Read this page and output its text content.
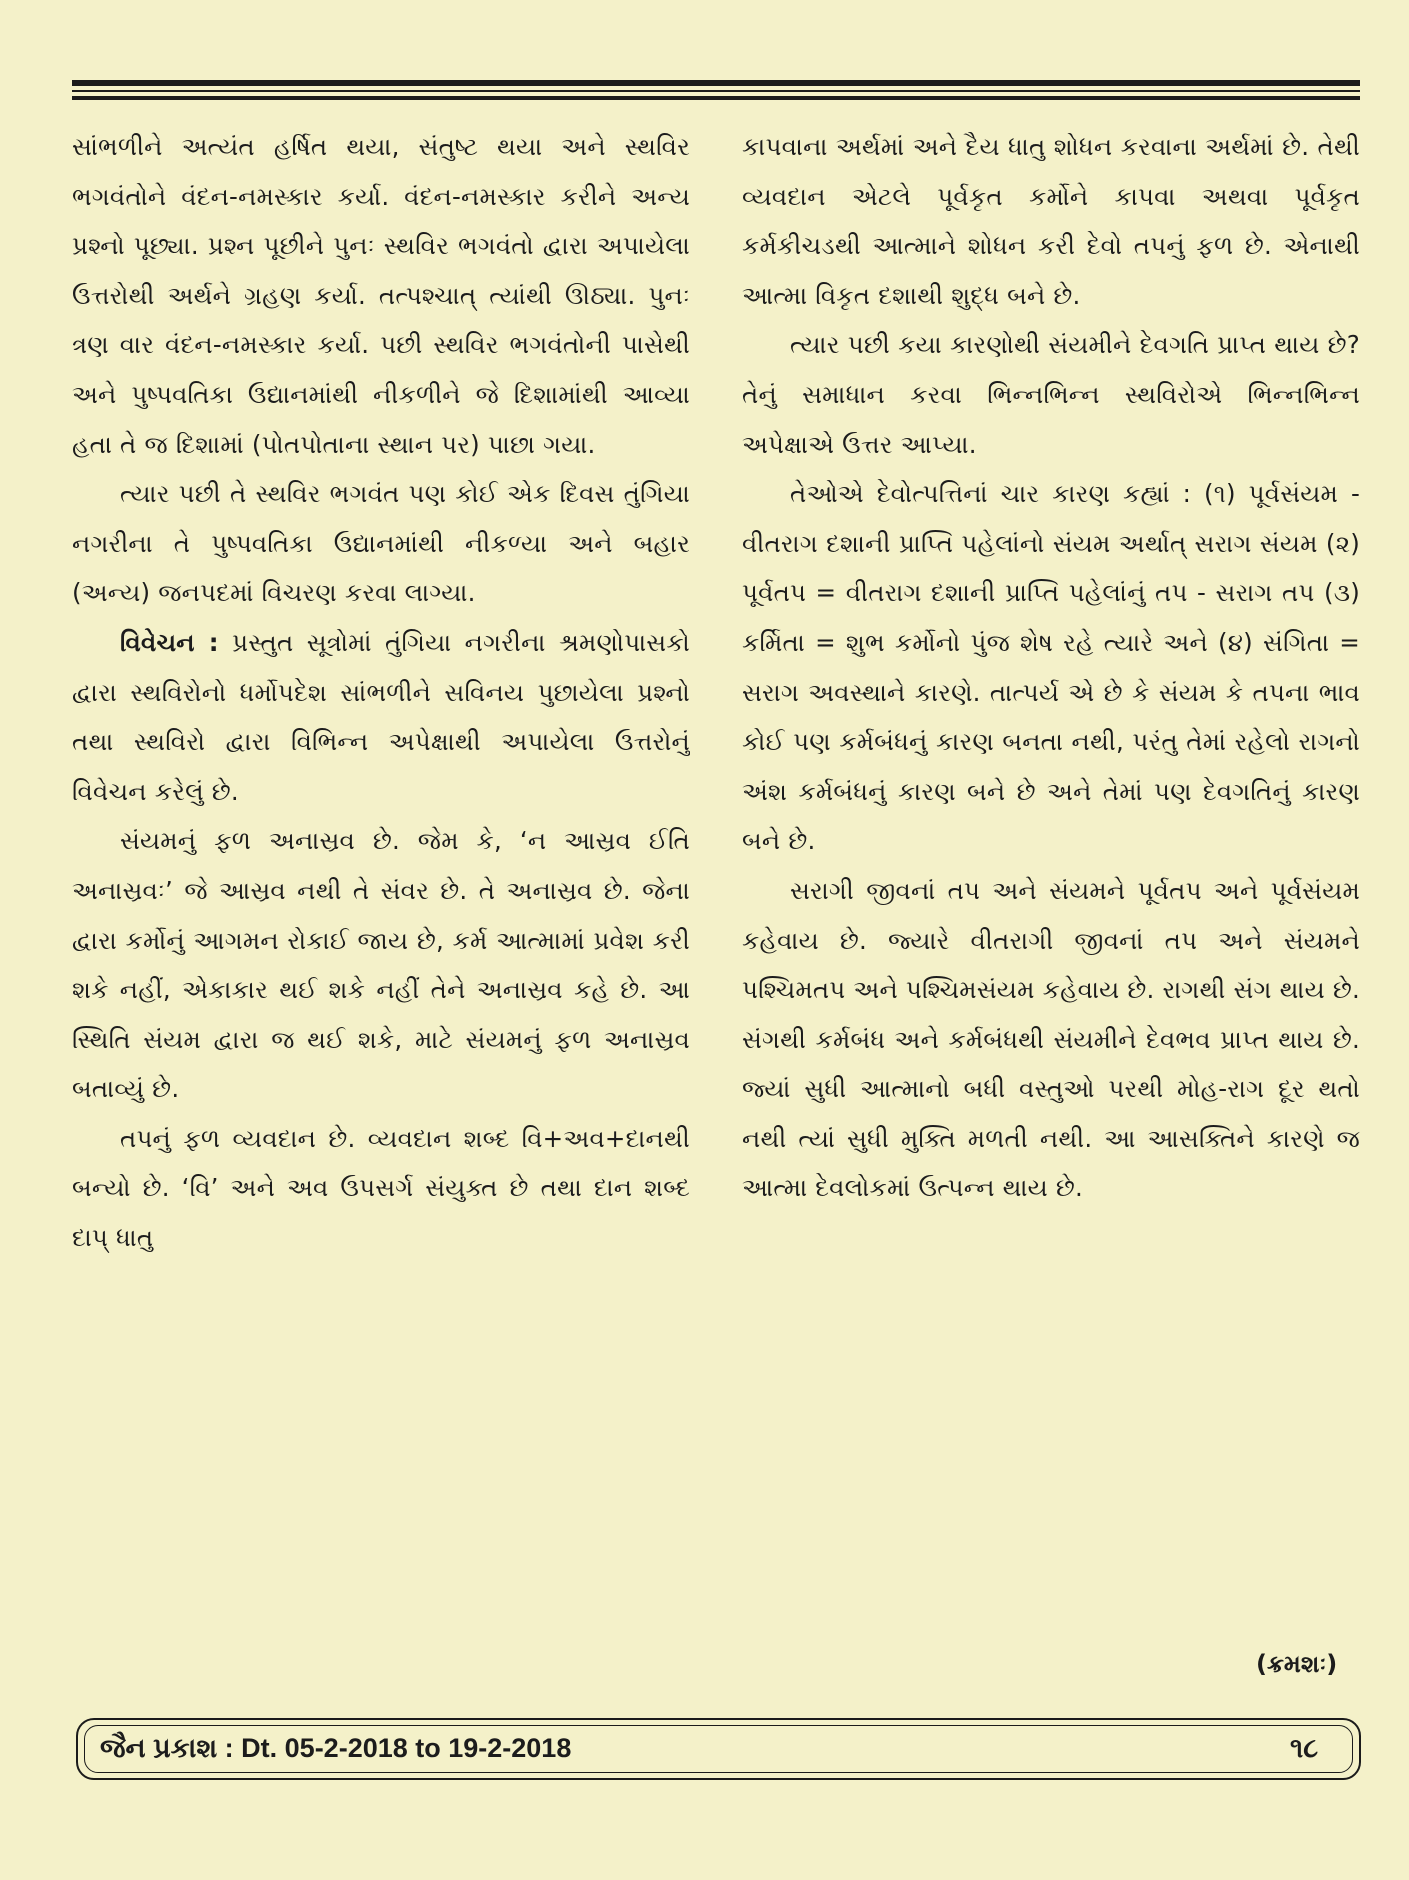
સાંભળીને અત્યંત હર્ષિત થયા, સંતુષ્ટ થયા અને સ્થવિર ભગવંતોને વંદન-નમસ્કાર કર્યા. વંદન-નમસ્કાર કરીને અન્ય પ્રશ્નો પૂછ્યા. પ્રશ્ન પૂછીને પુનઃ સ્થવિર ભગવંતો દ્વારા અપાયેલા ઉત્તરોથી અર્થને ગ્રહણ કર્યા. તત્પશ્ચાત્ ત્યાંથી ઊઠ્યા. પુનઃ ત્રણ વાર વંદન-નમસ્કાર કર્યા. પછી સ્થવિર ભગવંતોની પાસેથી અને પુષ્પવતિકા ઉદ્યાનમાંથી નીકળીને જે દિશામાંથી આવ્યા હતા તે જ દિશામાં (પોતપોતાના સ્થાન પર) પાછા ગયા.

ત્યાર પછી તે સ્થવિર ભગવંત પણ કોઈ એક દિવસ તુંગિયા નગરીના તે પુષ્પવતિકા ઉદ્યાનમાંથી નીકળ્યા અને બહાર (અન્ય) જનપદમાં વિચરણ કરવા લાગ્યા.

વિવેચન : પ્રસ્તુત સૂત્રોમાં તુંગિયા નગરીના શ્રમણોપાસકો દ્વારા સ્થવિરોનો ધર્મોપદેશ સાંભળીને સવિનય પુછાયેલા પ્રશ્નો તથા સ્થવિરો દ્વારા વિભિન્ન અપેક્ષાથી અપાયેલા ઉત્તરોનું વિવેચન કરેલું છે.

સંયમનું ફળ અનાસ્રવ છે. જેમ કે, ‘ન આસ્રવ ઈતિ અનાસ્રવઃ’ જે આસ્રવ નથી તે સંવર છે. તે અનાસ્રવ છે. જેના દ્વારા કર્મોનું આગમન રોકાઈ જાય છે, કર્મ આત્મામાં પ્રવેશ કરી શકે નહીં, એકાકાર થઈ શકે નહીં તેને અનાસ્રવ કહે છે. આ સ્થિતિ સંયમ દ્વારા જ થઈ શકે, માટે સંયમનું ફળ અનાસ્રવ બતાવ્યું છે.

તપનું ફળ વ્યવદાન છે. વ્યવદાન શબ્દ વિ+અવ+દાનથી બન્યો છે. ‘વિ’ અને અવ ઉપસર્ગ સંયુક્ત છે તથા દાન શબ્દ દાપ્ ધાતુ

કાપવાના અર્થમાં અને દૈય ધાતુ શોધન કરવાના અર્થમાં છે. તેથી વ્યવદાન એટલે પૂર્વકૃત કર્મોને કાપવા અથવા પૂર્વકૃત કર્મકીચડથી આત્માને શોધન કરી દેવો તપનું ફળ છે. એનાથી આત્મા વિકૃત દશાથી શુદ્ધ બને છે.

ત્યાર પછી કયા કારણોથી સંયમીને દેવગતિ પ્રાપ્ત થાય છે? તેનું સમાધાન કરવા ભિન્નભિન્ન સ્થવિરોએ ભિન્નભિન્ન અપેક્ષાએ ઉત્તર આપ્યા.

તેઓએ દેવોત્પત્તિનાં ચાર કારણ કહ્યાં : (૧) પૂર્વસંયમ - વીતરાગ દશાની પ્રાપ્તિ પહેલાંનો સંયમ અર્થાત્ સરાગ સંયમ (૨) પૂર્વતપ = વીતરાગ દશાની પ્રાપ્તિ પહેલાંનું તપ - સરાગ તપ (૩) કર્મિતા = શુભ કર્મોનો પુંજ શેષ રહે ત્યારે અને (૪) સંગિતા = સરાગ અવસ્થાને કારણે. તાત્પર્ય એ છે કે સંયમ કે તપના ભાવ કોઈ પણ કર્મબંધનું કારણ બનતા નથી, પરંતુ તેમાં રહેલો રાગનો અંશ કર્મબંધનું કારણ બને છે અને તેમાં પણ દેવગતિનું કારણ બને છે.

સરાગી જીવનાં તપ અને સંયમને પૂર્વતપ અને પૂર્વસંયમ કહેવાય છે. જ્યારે વીતરાગી જીવનાં તપ અને સંયમને પશ્ચિમતપ અને પશ્ચિમસંયમ કહેવાય છે. રાગથી સંગ થાય છે. સંગથી કર્મબંધ અને કર્મબંધથી સંયમીને દેવભવ પ્રાપ્ત થાય છે. જ્યાં સુધી આત્માનો બધી વસ્તુઓ પરથી મોહ-રાગ દૂર થતો નથી ત્યાં સુધી મુક્તિ મળતી નથી. આ આસક્તિને કારણે જ આત્મા દેવલોકમાં ઉત્પન્ન થાય છે.

(ક્રમશઃ)
જૈન પ્રકાશ : Dt. 05-2-2018 to 19-2-2018	૧૮
